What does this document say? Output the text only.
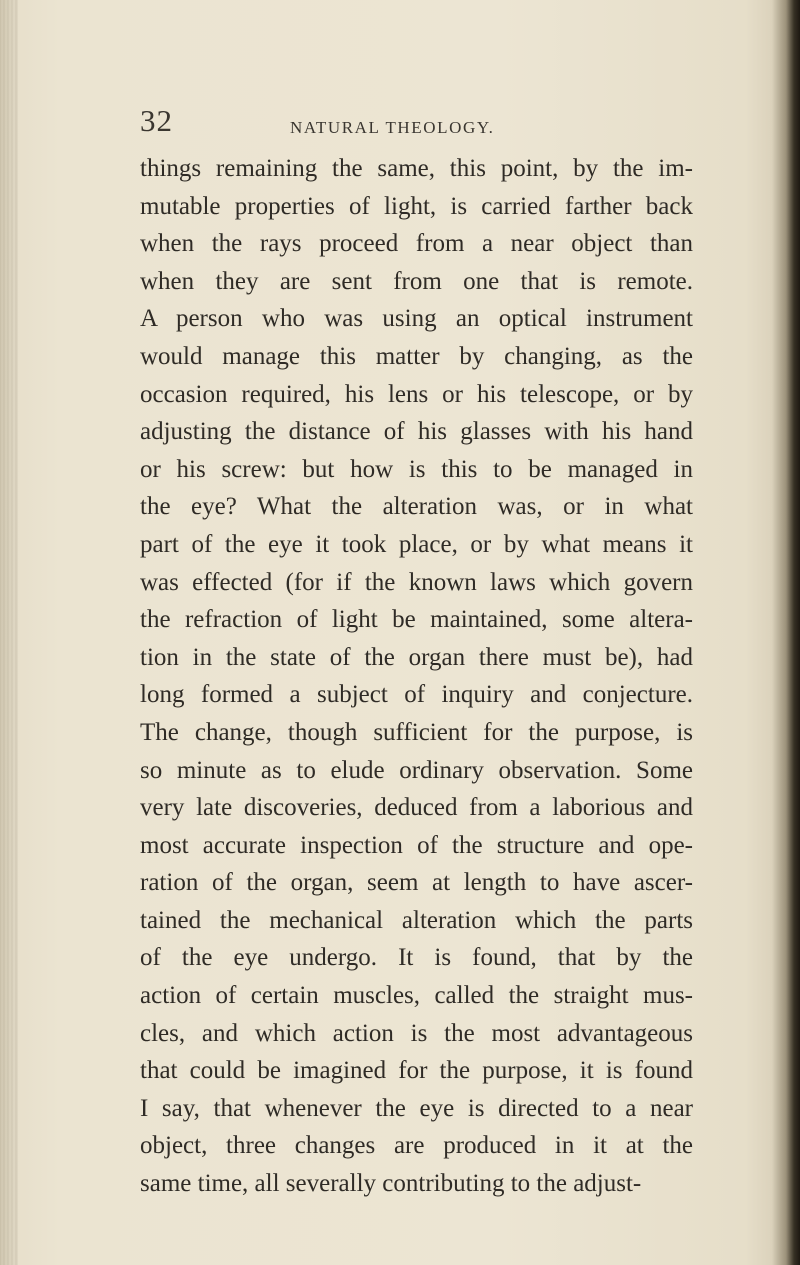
32	NATURAL THEOLOGY.
things remaining the same, this point, by the im-
mutable properties of light, is carried farther back
when the rays proceed from a near object than
when they are sent from one that is remote.
A person who was using an optical instrument
would manage this matter by changing, as the
occasion required, his lens or his telescope, or by
adjusting the distance of his glasses with his hand
or his screw: but how is this to be managed in
the eye? What the alteration was, or in what
part of the eye it took place, or by what means it
was effected (for if the known laws which govern
the refraction of light be maintained, some altera-
tion in the state of the organ there must be), had
long formed a subject of inquiry and conjecture.
The change, though sufficient for the purpose, is
so minute as to elude ordinary observation. Some
very late discoveries, deduced from a laborious and
most accurate inspection of the structure and ope-
ration of the organ, seem at length to have ascer-
tained the mechanical alteration which the parts
of the eye undergo. It is found, that by the
action of certain muscles, called the straight mus-
cles, and which action is the most advantageous
that could be imagined for the purpose, it is found
I say, that whenever the eye is directed to a near
object, three changes are produced in it at the
same time, all severally contributing to the adjust-
